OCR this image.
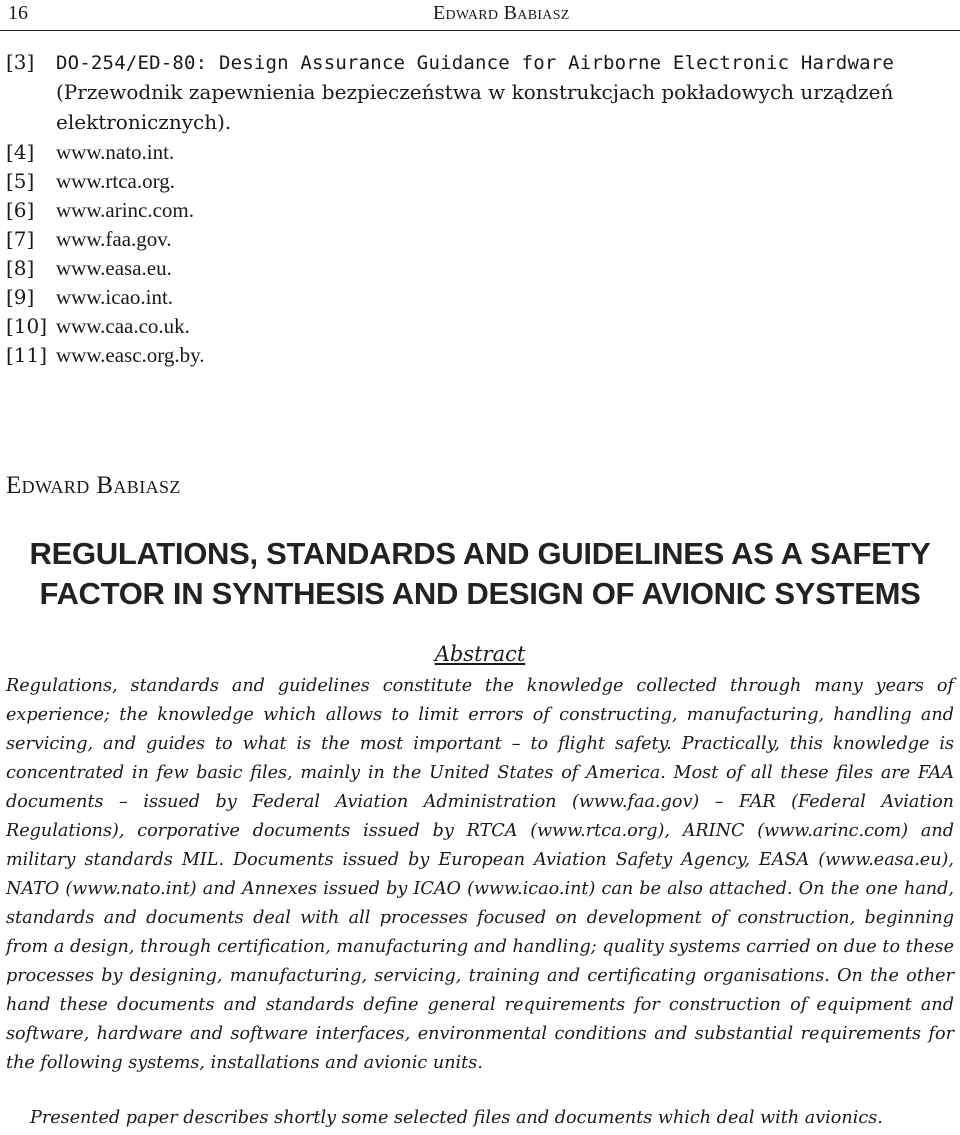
16	Edward Babiasz
[3] DO-254/ED-80: Design Assurance Guidance for Airborne Electronic Hardware
(Przewodnik zapewnienia bezpieczeństwa w konstrukcjach pokładowych urządzeń elektronicznych).
[4] www.nato.int.
[5] www.rtca.org.
[6] www.arinc.com.
[7] www.faa.gov.
[8] www.easa.eu.
[9] www.icao.int.
[10] www.caa.co.uk.
[11] www.easc.org.by.
Edward Babiasz
REGULATIONS, STANDARDS AND GUIDELINES AS A SAFETY FACTOR IN SYNTHESIS AND DESIGN OF AVIONIC SYSTEMS
Abstract

Regulations, standards and guidelines constitute the knowledge collected through many years of experience; the knowledge which allows to limit errors of constructing, manufacturing, handling and servicing, and guides to what is the most important – to flight safety. Practically, this knowledge is concentrated in few basic files, mainly in the United States of America. Most of all these files are FAA documents – issued by Federal Aviation Administration (www.faa.gov) – FAR (Federal Aviation Regulations), corporative documents issued by RTCA (www.rtca.org), ARINC (www.arinc.com) and military standards MIL. Documents issued by European Aviation Safety Agency, EASA (www.easa.eu), NATO (www.nato.int) and Annexes issued by ICAO (www.icao.int) can be also attached. On the one hand, standards and documents deal with all processes focused on development of construction, beginning from a design, through certification, manufacturing and handling; quality systems carried on due to these processes by designing, manufacturing, servicing, training and certificating organisations. On the other hand these documents and standards define general requirements for construction of equipment and software, hardware and software interfaces, environmental conditions and substantial requirements for the following systems, installations and avionic units.

Presented paper describes shortly some selected files and documents which deal with avionics.
